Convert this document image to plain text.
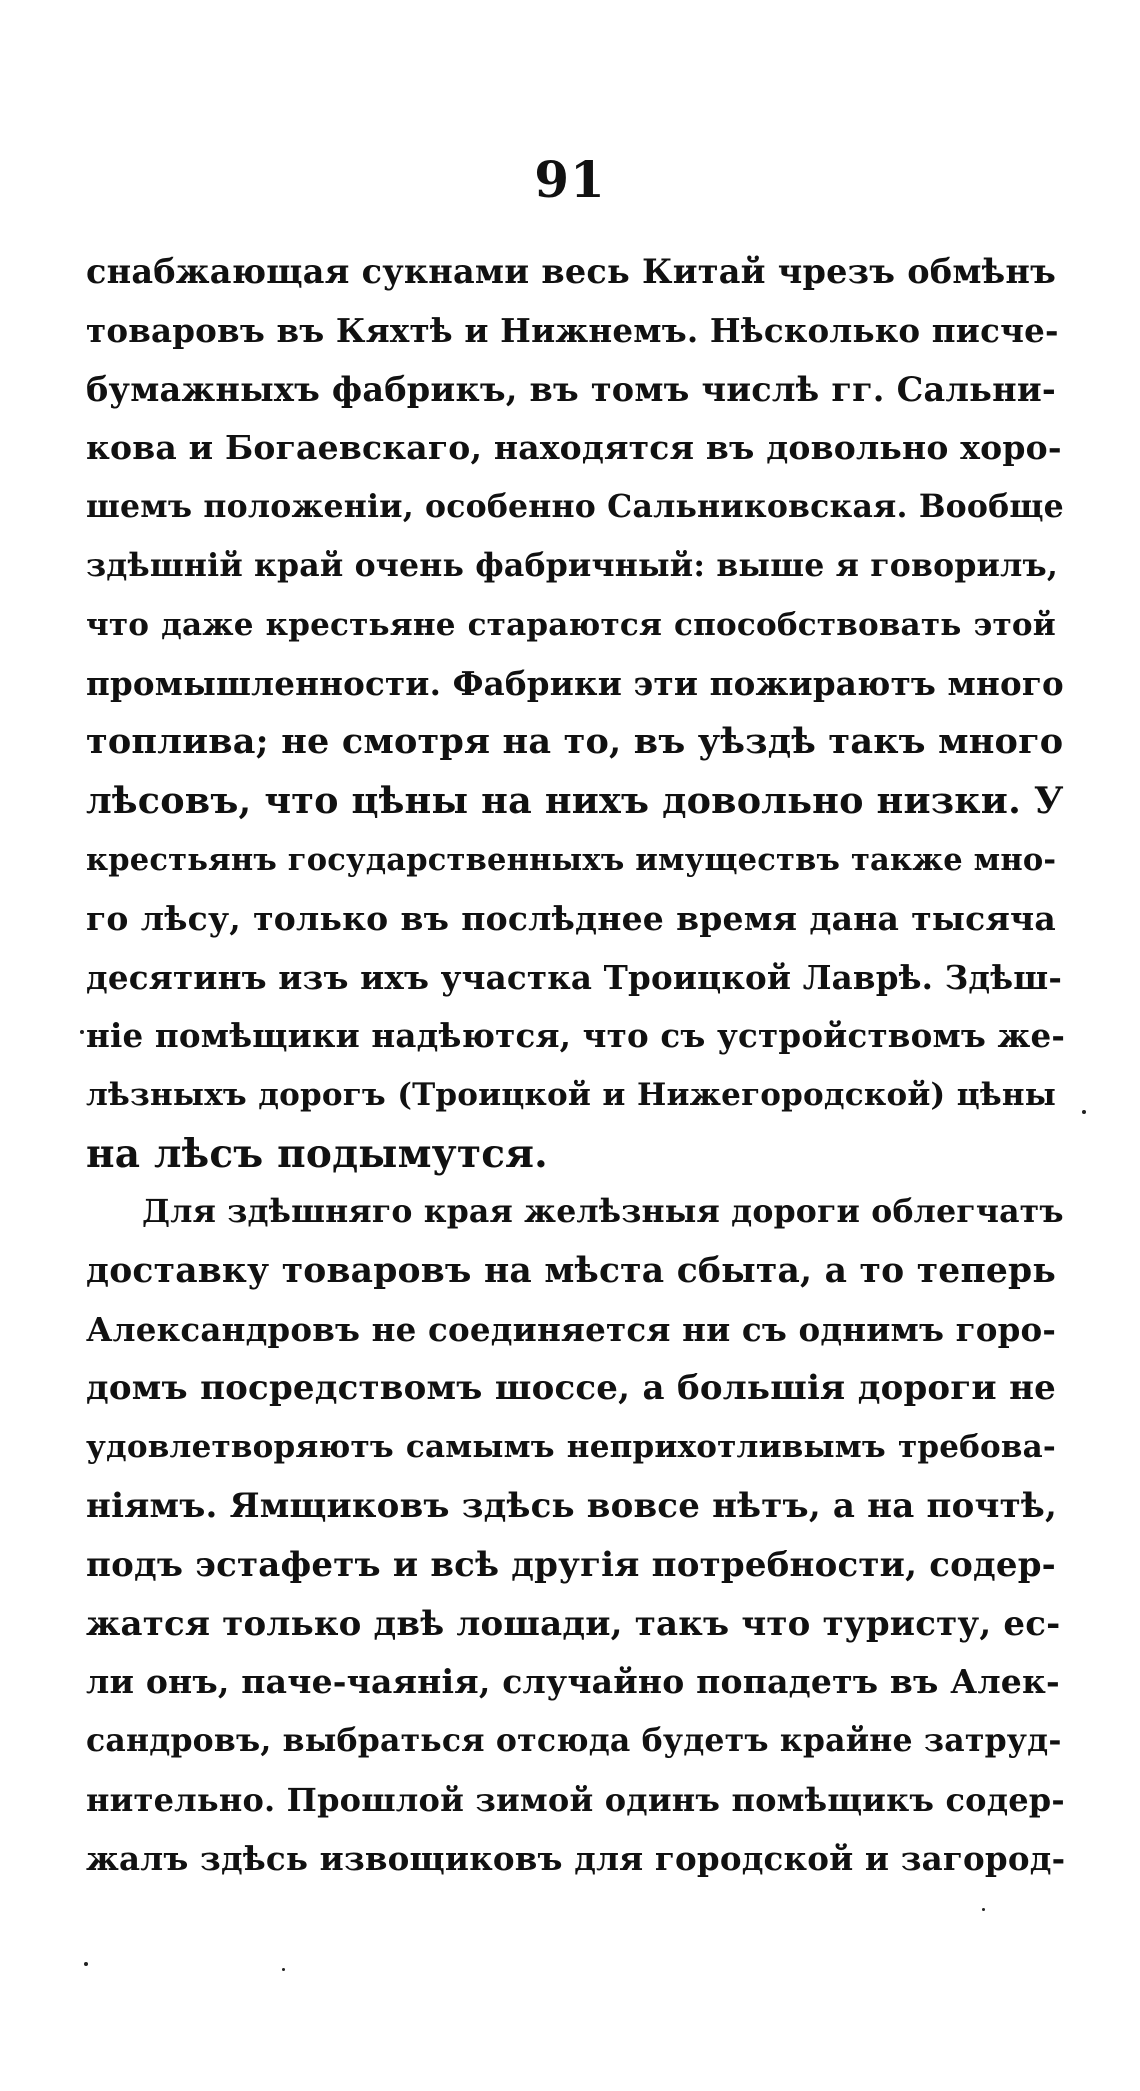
91
снабжающая сукнами весь Китай чрезъ обмѣнъ
товаровъ въ Кяхтѣ и Нижнемъ. Нѣсколько писче-
бумажныхъ фабрикъ, въ томъ числѣ гг. Сальни-
кова и Богаевскаго, находятся въ довольно хоро-
шемъ положеніи, особенно Сальниковская. Вообще
здѣшній край очень фабричный: выше я говорилъ,
что даже крестьяне стараются способствовать этой
промышленности. Фабрики эти пожираютъ много
топлива; не смотря на то, въ уѣздѣ такъ много
лѣсовъ, что цѣны на нихъ довольно низки. У
крестьянъ государственныхъ имуществъ также мно-
го лѣсу, только въ послѣднее время дана тысяча
десятинъ изъ ихъ участка Троицкой Лаврѣ. Здѣш-
ніе помѣщики надѣются, что съ устройствомъ же-
лѣзныхъ дорогъ (Троицкой и Нижегородской) цѣны
на лѣсъ подымутся.
Для здѣшняго края желѣзныя дороги облегчатъ
доставку товаровъ на мѣста сбыта, а то теперь
Александровъ не соединяется ни съ однимъ горо-
домъ посредствомъ шоссе, а большія дороги не
удовлетворяютъ самымъ неприхотливымъ требова-
ніямъ. Ямщиковъ здѣсь вовсе нѣтъ, а на почтѣ,
подъ эстафетъ и всѣ другія потребности, содер-
жатся только двѣ лошади, такъ что туристу, ес-
ли онъ, паче-чаянія, случайно попадетъ въ Алек-
сандровъ, выбраться отсюда будетъ крайне затруд-
нительно. Прошлой зимой одинъ помѣщикъ содер-
жалъ здѣсь извощиковъ для городской и загород-
